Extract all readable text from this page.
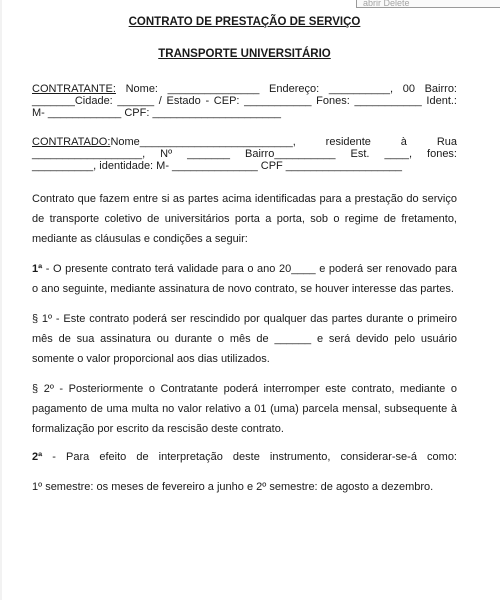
abrir Delete
CONTRATO DE PRESTAÇÃO DE SERVIÇO
TRANSPORTE UNIVERSITÁRIO
CONTRATANTE: Nome: _______________ Endereço: __________, 00 Bairro:
_______Cidade: ______ / Estado - CEP: ___________ Fones: ___________ Ident.:
M- ____________ CPF: _____________________
CONTRATADO:Nome_________________________, residente à Rua
__________________, Nº _______ Bairro__________ Est. ____, fones:
__________, identidade: M- ______________ CPF ___________________

Contrato que fazem entre si as partes acima identificadas para a prestação do serviço de transporte coletivo de universitários porta a porta, sob o regime de fretamento, mediante as cláusulas e condições a seguir:

1ª - O presente contrato terá validade para o ano 20____ e poderá ser renovado para o ano seguinte, mediante assinatura de novo contrato, se houver interesse das partes.

§ 1º - Este contrato poderá ser rescindido por qualquer das partes durante o primeiro mês de sua assinatura ou durante o mês de ______ e será devido pelo usuário somente o valor proporcional aos dias utilizados.

§ 2º - Posteriormente o Contratante poderá interromper este contrato, mediante o pagamento de uma multa no valor relativo a 01 (uma) parcela mensal, subsequente à formalização por escrito da rescisão deste contrato.

2ª - Para efeito de interpretação deste instrumento, considerar-se-á como:

1º semestre: os meses de fevereiro a junho e 2º semestre: de agosto a dezembro.
